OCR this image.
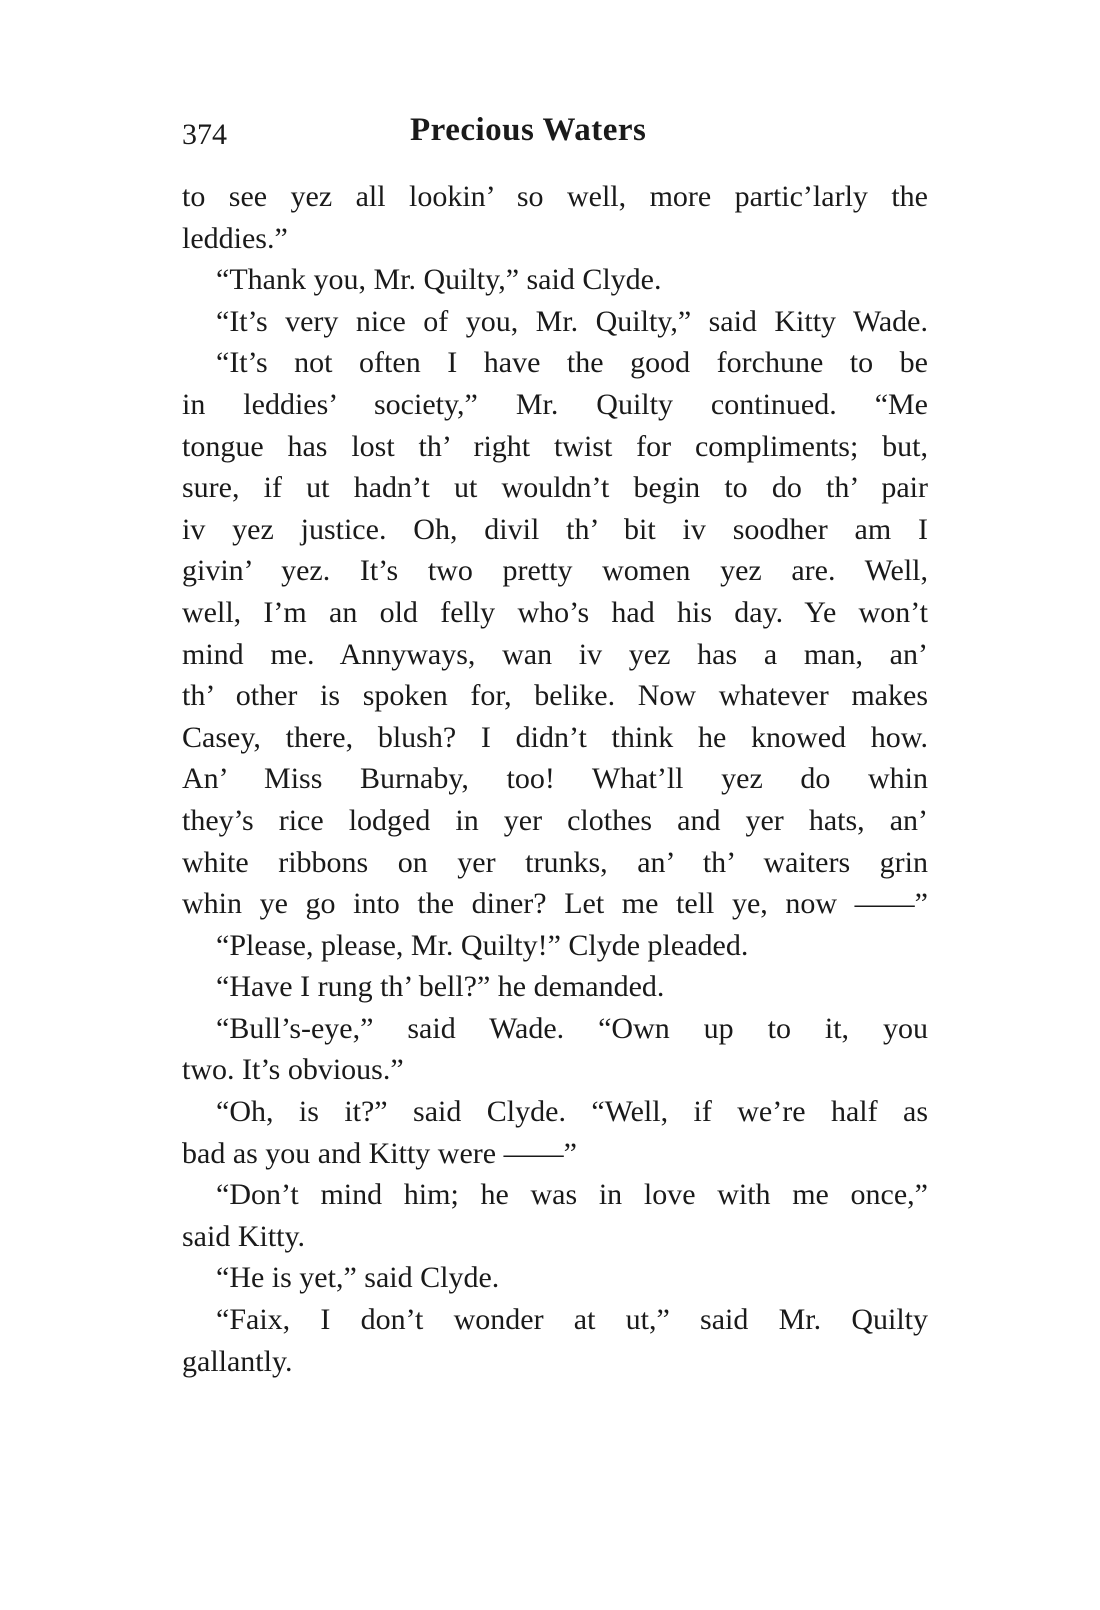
374	Precious Waters
to see yez all lookin’ so well, more partic’larly the
leddies.”
“Thank you, Mr. Quilty,” said Clyde.
“It’s very nice of you, Mr. Quilty,” said Kitty Wade.
“It’s not often I have the good forchune to be
in leddies’ society,” Mr. Quilty continued. “Me
tongue has lost th’ right twist for compliments; but,
sure, if ut hadn’t ut wouldn’t begin to do th’ pair
iv yez justice. Oh, divil th’ bit iv soodher am I
givin’ yez. It’s two pretty women yez are. Well,
well, I’m an old felly who’s had his day. Ye won’t
mind me. Annyways, wan iv yez has a man, an’
th’ other is spoken for, belike. Now whatever makes
Casey, there, blush? I didn’t think he knowed how.
An’ Miss Burnaby, too! What’ll yez do whin
they’s rice lodged in yer clothes and yer hats, an’
white ribbons on yer trunks, an’ th’ waiters grin
whin ye go into the diner? Let me tell ye, now ——”
“Please, please, Mr. Quilty!” Clyde pleaded.
“Have I rung th’ bell?” he demanded.
“Bull’s-eye,” said Wade. “Own up to it, you
two. It’s obvious.”
“Oh, is it?” said Clyde. “Well, if we’re half as
bad as you and Kitty were ——”
“Don’t mind him; he was in love with me once,”
said Kitty.
“He is yet,” said Clyde.
“Faix, I don’t wonder at ut,” said Mr. Quilty
gallantly.
